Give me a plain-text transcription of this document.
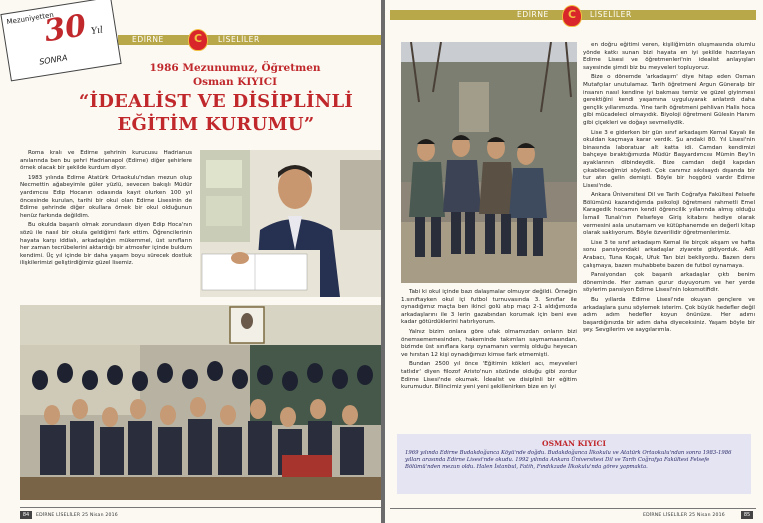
EDİRNE C	LİSELİLER
Mezuniyetten
30 Yıl
SONRA
1986 Mezunumuz, Öğretmen
Osman KIYICI
“İDEALİST VE DİSİPLİNLİ
EĞİTİM KURUMU”

Roma kralı ve Edirne şehrinin kurucusu Hadrianus anılarında ben bu şehri Hadrianapol (Edirne) diğer şehirlere örnek olacak bir şekilde kurdum diyor.

1983 yılında Edirne Atatürk Ortaokulu'ndan mezun olup Necmettin ağabeyimle güler yüzlü, sevecen bakışlı Müdür yardımcısı Edip Hocanın odasında kayıt olurken 100 yıl öncesinde kurulan, tarihi bir okul olan Edirne Lisesinin de Edirne şehrinde diğer okullara örnek bir okul olduğunun henüz farkında değildim.

Bu okulda başarılı olmak zorundasın diyen Edip Hoca'nın sözü ile nasıl bir okula geldiğimi fark ettim. Öğrencilerinin hayata karşı iddialı, arkadaşlığın mükemmel, üst sınıfların her zaman tecrübelerini aktardığı bir atmosfer içinde buldum kendimi. Üç yıl içinde bir daha yaşam boyu sürecek dostluk ilişkilerimizi geliştirdiğimiz güzel lisemiz.

84	EDİRNE LİSELİLER 25 Nisan 2016
EDİRNE C	LİSELİLER

Tabi ki okul içinde bazı dalaşmalar olmuyor değildi. Örneğin 1.sınıftayken okul içi futbol turnuvasında 3. Sınıflar ile oynadığımız maçta ben ikinci golü atıp maçı 2-1 aldığımızda arkadaşlarını ile 3 lerin gazabından korumak için beni eve kadar götürdüklerini hatırlıyorum.

Yalnız bizim onlara göre ufak olmamızdan onların bizi önemsememesinden, hakeminde takımları saymamasından, bizimde üst sınıflara karşı oynamanın vermiş olduğu heyecan ve hırstan 12 kişi oynadığımızı kimse fark etmemişti.

Bundan 2500 yıl önce 'Eğitimin kökleri acı, meyveleri tatlıdır' diyen filozof Aristo'nun sözünde olduğu gibi zordur Edirne Lisesi'nde okumak. İdealist ve disiplinli bir eğitim kurumudur. Bilincimiz yeni yeni şekillenirken bize en iyi

en doğru eğitimi veren, kişiliğimizin oluşmasında olumlu yönde katkı sunan bizi hayata en iyi şekilde hazırlayan Edirne Lisesi ve öğretmenleri'nin idealist anlayışları sayesinde şimdi biz bu meyveleri topluyoruz.

Bize o dönemde 'arkadaşım' diye hitap eden Osman Mutafçılar unutulamaz. Tarih öğretmeni Argun Güneralp bir insanın nasıl kendine iyi bakması temiz ve güzel giyinmesi gerektiğini kendi yaşamına uyguluyarak anlatırdı daha gençlik yıllarımızda. Yine tarih öğretmeni pehlivan Halis hoca gibi mücadeleci olmayıdık. Biyoloji öğretmeni Gülesin Hanım gibi çiçekleri ve doğayı sevmeliydik.

Lise 3 e giderken bir gün sınıf arkadaşım Kemal Kayalı ile okuldan kaçmaya karar verdik. Şu andaki 80. Yıl Lisesi'nin binasında laboratuar alt katta idi. Camdan kendimizi bahçeye bıraktığımızda Müdür Başyardımcısı Mümin Bey'in ayaklarının dibindeydik. Bize camdan değil kapıdan çıkabileceğimizi söyledi. Çok canımız sıkılsaydı dışarıda bir tur atın gelin demişti. Böyle bir hoşgörü vardır Edirne Lisesi'nde.

Ankara Üniversitesi Dil ve Tarih Coğrafya Fakültesi Felsefe Bölümünü kazandığımda psikoloji öğretmeni rahmetli Emel Karagedik hocamın kendi öğrencilik yıllarında almış olduğu İsmail Tunalı'nın Felsefeye Giriş kitabını hediye olarak vermesini asla unutamam ve kütüphanemde en değerli kitap olarak saklıyorum. Böyle özverilidir öğretmenlerimiz.

Lise 3 te sınıf arkadaşım Kemal ile birçok akşam ve hafta sonu pansiyondaki arkadaşlar ziyarete gidiyorduk. Adil Arabacı, Tuna Koçak, Ufuk Tan bizi bekliyordu. Bazen ders çalışmaya, bazen muhabbete bazen de futbol oynamaya.

Pansiyondan çok başarılı arkadaşlar çıktı benim döneminde. Her zaman gurur duyuyorum ve her yerde söylerim pansiyon Edirne Lisesi'nin lokomotifidir.

Bu yıllarda Edirne Lisesi'nde okuyan gençlere ve arkadaşlara şunu söylemek isterim. Çok büyük hedefler değil adım adım hedefler koyun önünüze. Her adımı başardığınızda bir adım daha diyeceksiniz. Yaşam böyle bir şey. Sevgilerim ve saygılarımla.

OSMAN KIYICI
1969 yılında Edirne Budakdoğanca Köyü'nde doğdu. Budakdoğanca İlkokulu ve Atatürk Ortaokulu'ndan sonra 1983-1986 yılları arasında Edirne Lisesi'nde okudu. 1992 yılında Ankara Üniversitesi Dil ve Tarih Coğrafya Fakültesi Felsefe Bölümü'nden mezun oldu. Halen İstanbul, Fatih, Fındıkzade İlkokulu'nda görev yapmakta.
EDİRNE LİSELİLER 25 Nisan 2016	85
